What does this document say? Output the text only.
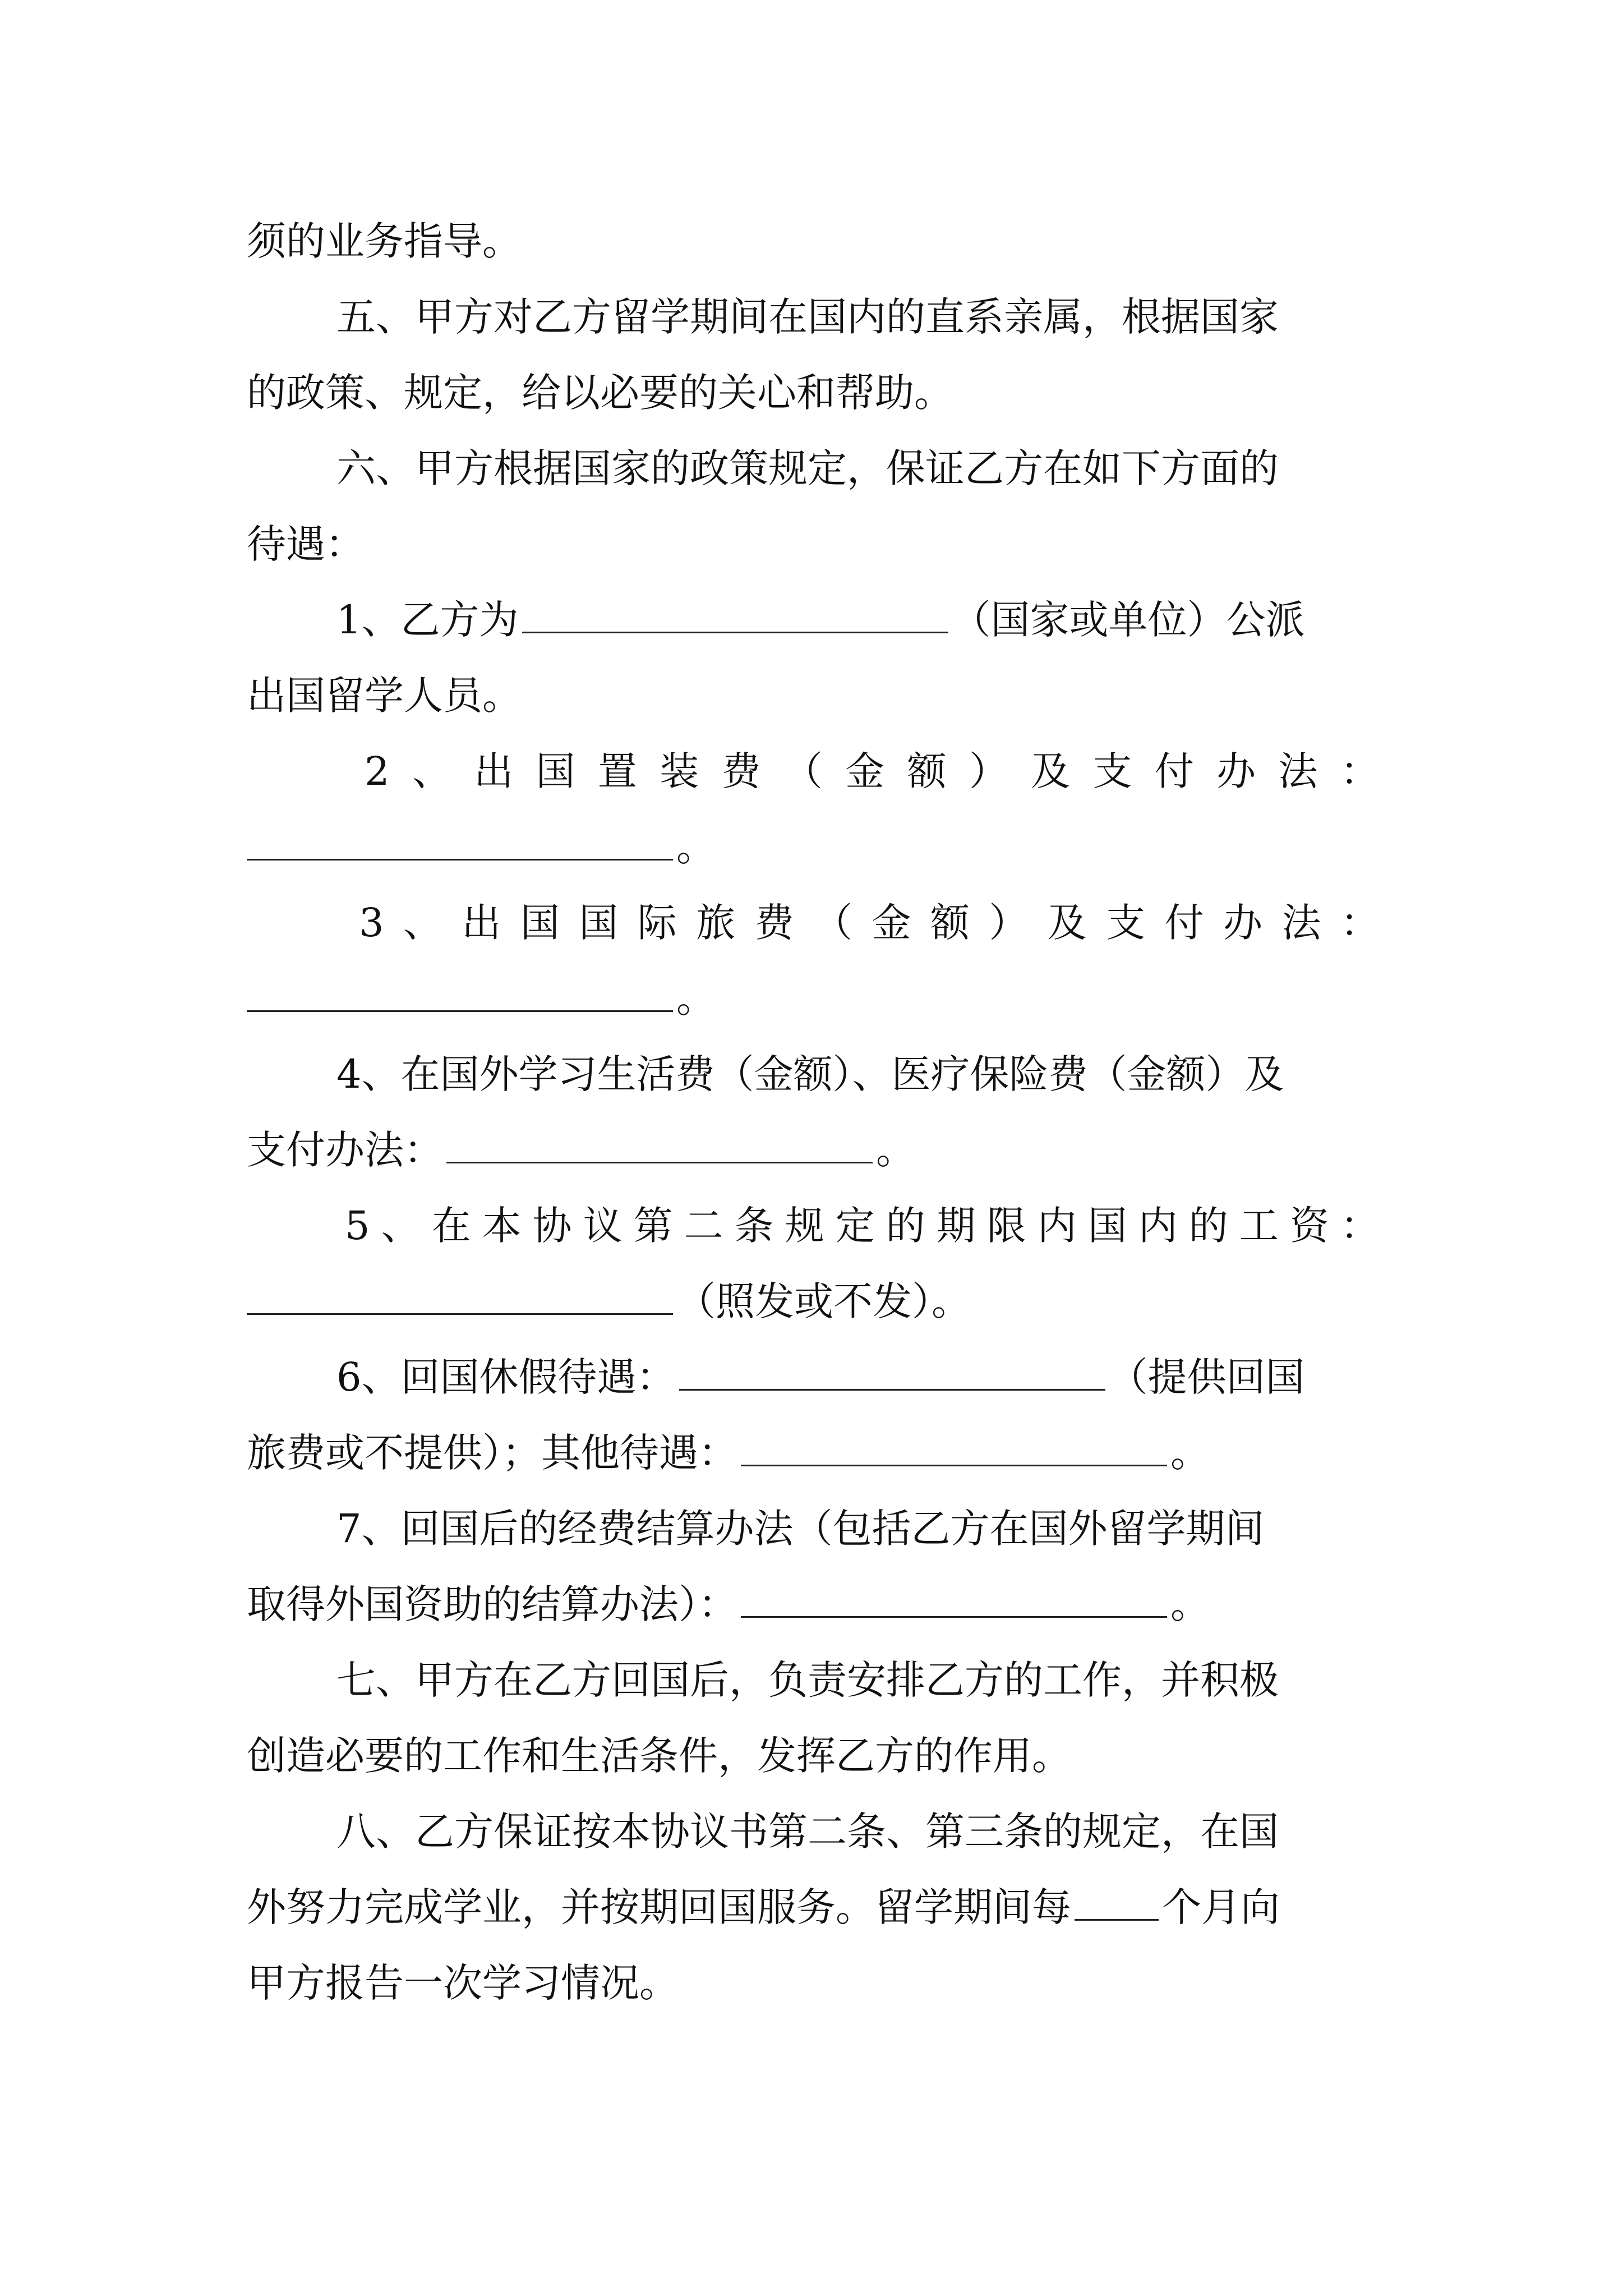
须的业务指导。
五、甲方对乙方留学期间在国内的直系亲属，根据国家
的政策、规定，给以必要的关心和帮助。
六、甲方根据国家的政策规定，保证乙方在如下方面的
待遇：
1、乙方为	（国家或单位）公派
出国留学人员。
2 、 出 国 置 装 费 （ 金 额 ） 及 支 付 办 法 ：
。
3 、 出 国 国 际 旅 费 （ 金 额 ） 及 支 付 办 法 ：
。
4、在国外学习生活费（金额）、医疗保险费（金额）及
支付办法：	。
5 、 在 本 协 议 第 二 条 规 定 的 期 限 内 国 内 的 工 资 ：
（照发或不发）。
6、回国休假待遇：	（提供回国
旅费或不提供）；其他待遇：	。
7、回国后的经费结算办法（包括乙方在国外留学期间
取得外国资助的结算办法）：	。
七、甲方在乙方回国后，负责安排乙方的工作，并积极
创造必要的工作和生活条件，发挥乙方的作用。
八、乙方保证按本协议书第二条、第三条的规定，在国
外努力完成学业，并按期回国服务。留学期间每 个月向
甲方报告一次学习情况。
